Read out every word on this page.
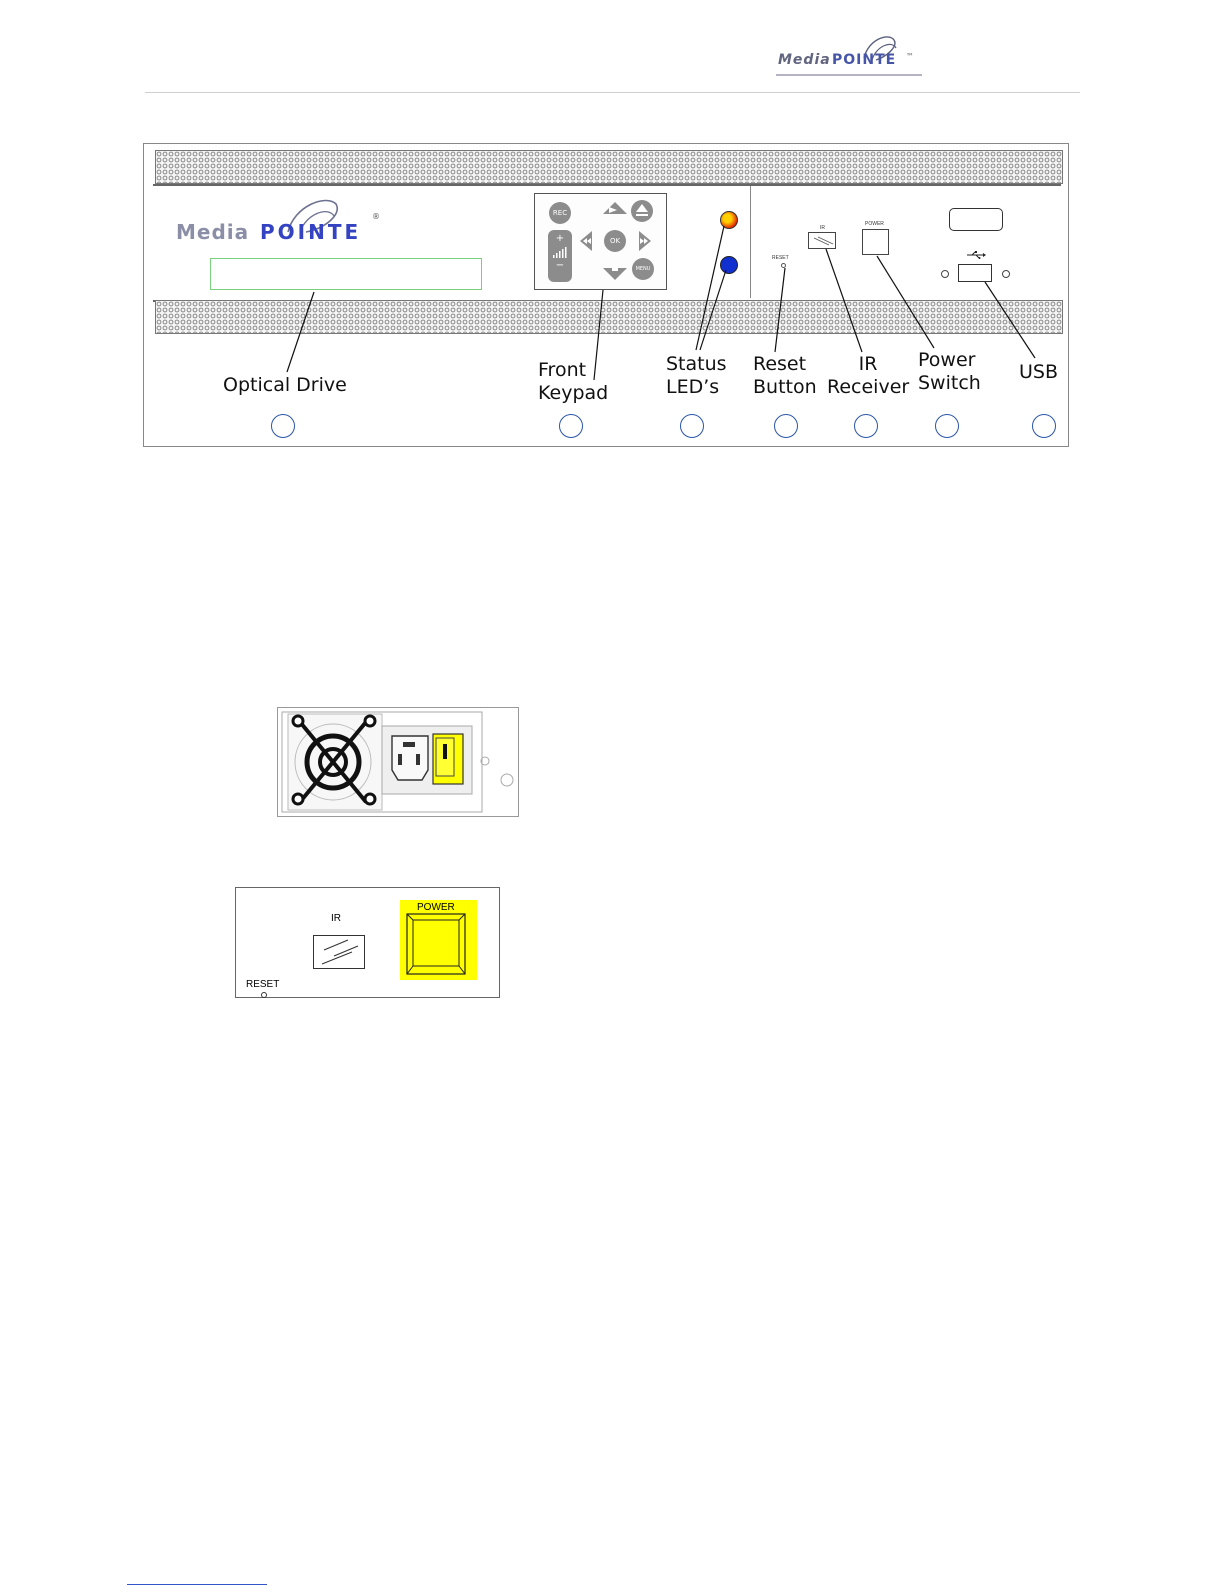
Media POINTE ™
Media POINTE
®	REC
+
−
OK
MENU
RESET
IR
POWER
Optical Drive
Front
Keypad
Status
LED’s
Reset
Button
IR
Receiver
Power
Switch USB
IR
POWER
RESET
